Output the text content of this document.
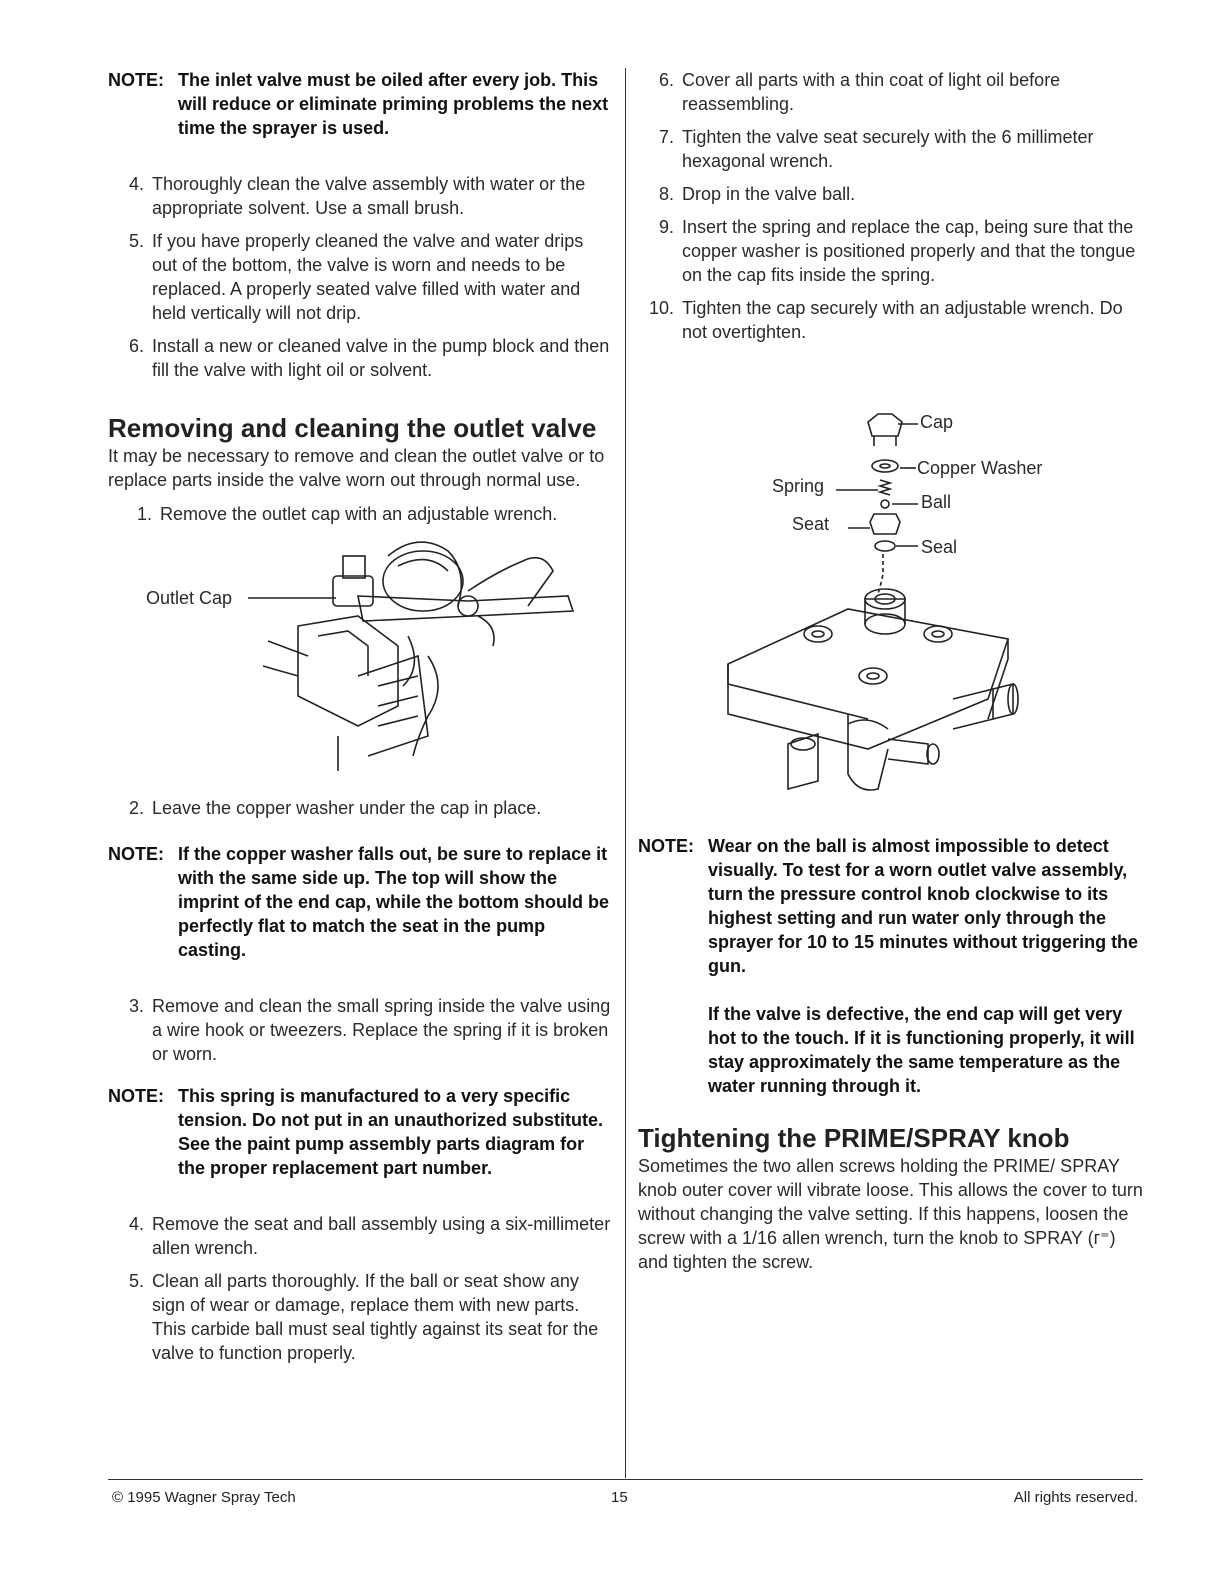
NOTE: The inlet valve must be oiled after every job. This will reduce or eliminate priming problems the next time the sprayer is used.
4. Thoroughly clean the valve assembly with water or the appropriate solvent. Use a small brush.
5. If you have properly cleaned the valve and water drips out of the bottom, the valve is worn and needs to be replaced. A properly seated valve filled with water and held vertically will not drip.
6. Install a new or cleaned valve in the pump block and then fill the valve with light oil or solvent.
Removing and cleaning the outlet valve

It may be necessary to remove and clean the outlet valve or to replace parts inside the valve worn out through normal use.

1. Remove the outlet cap with an adjustable wrench.
Outlet Cap
2. Leave the copper washer under the cap in place.
NOTE: If the copper washer falls out, be sure to replace it with the same side up. The top will show the imprint of the end cap, while the bottom should be perfectly flat to match the seat in the pump casting.
3. Remove and clean the small spring inside the valve using a wire hook or tweezers. Replace the spring if it is broken or worn.
NOTE: This spring is manufactured to a very specific tension. Do not put in an unauthorized substitute. See the paint pump assembly parts diagram for the proper replacement part number.
4. Remove the seat and ball assembly using a six-millimeter allen wrench.
5. Clean all parts thoroughly. If the ball or seat show any sign of wear or damage, replace them with new parts. This carbide ball must seal tightly against its seat for the valve to function properly.
6. Cover all parts with a thin coat of light oil before reassembling.
7. Tighten the valve seat securely with the 6 millimeter hexagonal wrench.
8. Drop in the valve ball.
9. Insert the spring and replace the cap, being sure that the copper washer is positioned properly and that the tongue on the cap fits inside the spring.
10. Tighten the cap securely with an adjustable wrench. Do not overtighten.
Cap
Copper Washer
Spring
Ball
Seat
Seal
NOTE: Wear on the ball is almost impossible to detect visually. To test for a worn outlet valve assembly, turn the pressure control knob clockwise to its highest setting and run water only through the sprayer for 10 to 15 minutes without triggering the gun.
If the valve is defective, the end cap will get very hot to the touch. If it is functioning properly, it will stay approximately the same temperature as the water running through it.
Tightening the PRIME/SPRAY knob

Sometimes the two allen screws holding the PRIME/ SPRAY knob outer cover will vibrate loose. This allows the cover to turn without changing the valve setting. If this happens, loosen the screw with a 1/16 allen wrench, turn the knob to SPRAY (г⁼) and tighten the screw.

© 1995 Wagner Spray Tech	15	All rights reserved.
